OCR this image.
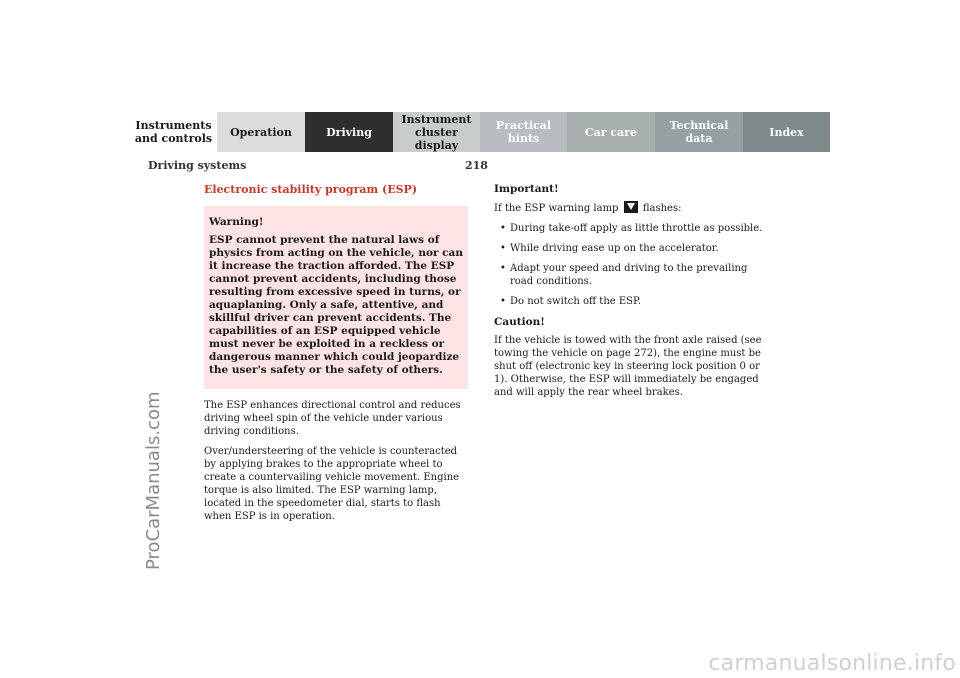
Instruments
and controls Operation	Driving
Instrument
cluster display
Practical hints	Car care	Technical
data	Index
Driving systems	218
ProCarManuals.com
Electronic stability program (ESP)
Warning!
ESP cannot prevent the natural laws of physics from acting on the vehicle, nor can it increase the traction afforded. The ESP cannot prevent accidents, including those resulting from excessive speed in turns, or aquaplaning. Only a safe, attentive, and skillful driver can prevent accidents. The capabilities of an ESP equipped vehicle must never be exploited in a reckless or dangerous manner which could jeopardize the user's safety or the safety of others.

The ESP enhances directional control and reduces driving wheel spin of the vehicle under various driving conditions.

Over/understeering of the vehicle is counteracted by applying brakes to the appropriate wheel to create a countervailing vehicle movement. Engine torque is also limited. The ESP warning lamp, located in the speedometer dial, starts to flash when ESP is in operation.

Important!

If the ESP warning lamp flashes:

• During take-off apply as little throttle as possible.
• While driving ease up on the accelerator.
• Adapt your speed and driving to the prevailing road conditions.
• Do not switch off the ESP.
Caution!

If the vehicle is towed with the front axle raised (see towing the vehicle on page 272), the engine must be shut off (electronic key in steering lock position 0 or 1). Otherwise, the ESP will immediately be engaged and will apply the rear wheel brakes.

carmanualsonline.info
